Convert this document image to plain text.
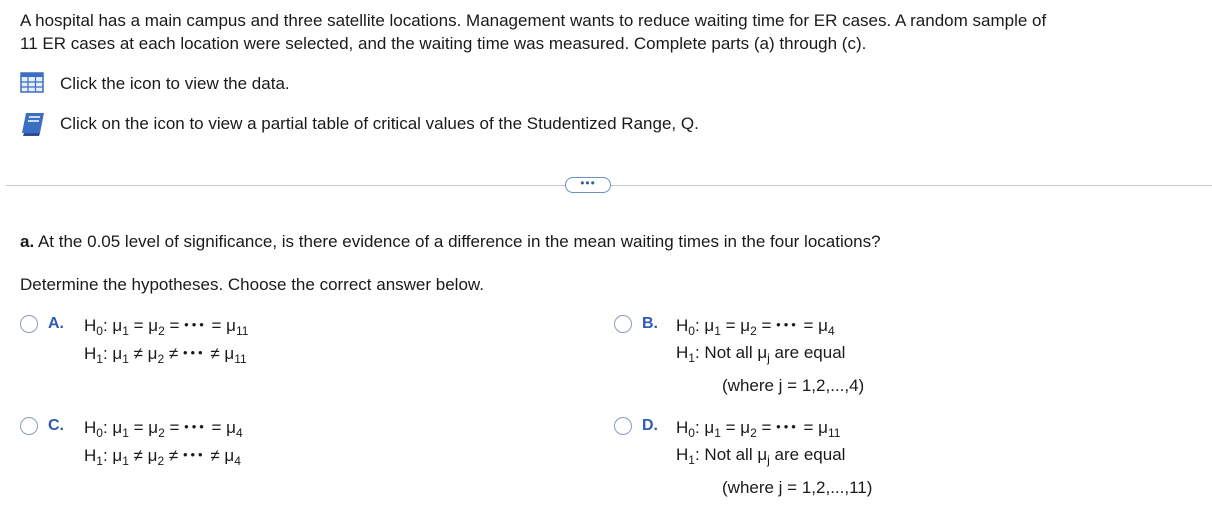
A hospital has a main campus and three satellite locations. Management wants to reduce waiting time for ER cases. A random sample of
11 ER cases at each location were selected, and the waiting time was measured. Complete parts (a) through (c).
Click the icon to view the data.
Click on the icon to view a partial table of critical values of the Studentized Range, Q.
•••
a. At the 0.05 level of significance, is there evidence of a difference in the mean waiting times in the four locations?
Determine the hypotheses. Choose the correct answer below.
A. $H_0$: $\mu_1 = \mu_2$ = ••• = $\mu_{11}$
$H_1$: $\mu_1 \ne \mu_2$ ≠ ••• ≠ $\mu_{11}$
B. $H_0$: $\mu_1 = \mu_2$ = ••• = $\mu_4$
$H_1$: Not all $\mu_j$ are equal
(where j = 1,2,...,4)
C. $H_0$: $\mu_1 = \mu_2$ = ••• = $\mu_4$
$H_1$: $\mu_1 \ne \mu_2$ ≠ ••• ≠ $\mu_4$
D. $H_0$: $\mu_1 = \mu_2$ = ••• = $\mu_{11}$
$H_1$: Not all $\mu_j$ are equal
(where j = 1,2,...,11)
